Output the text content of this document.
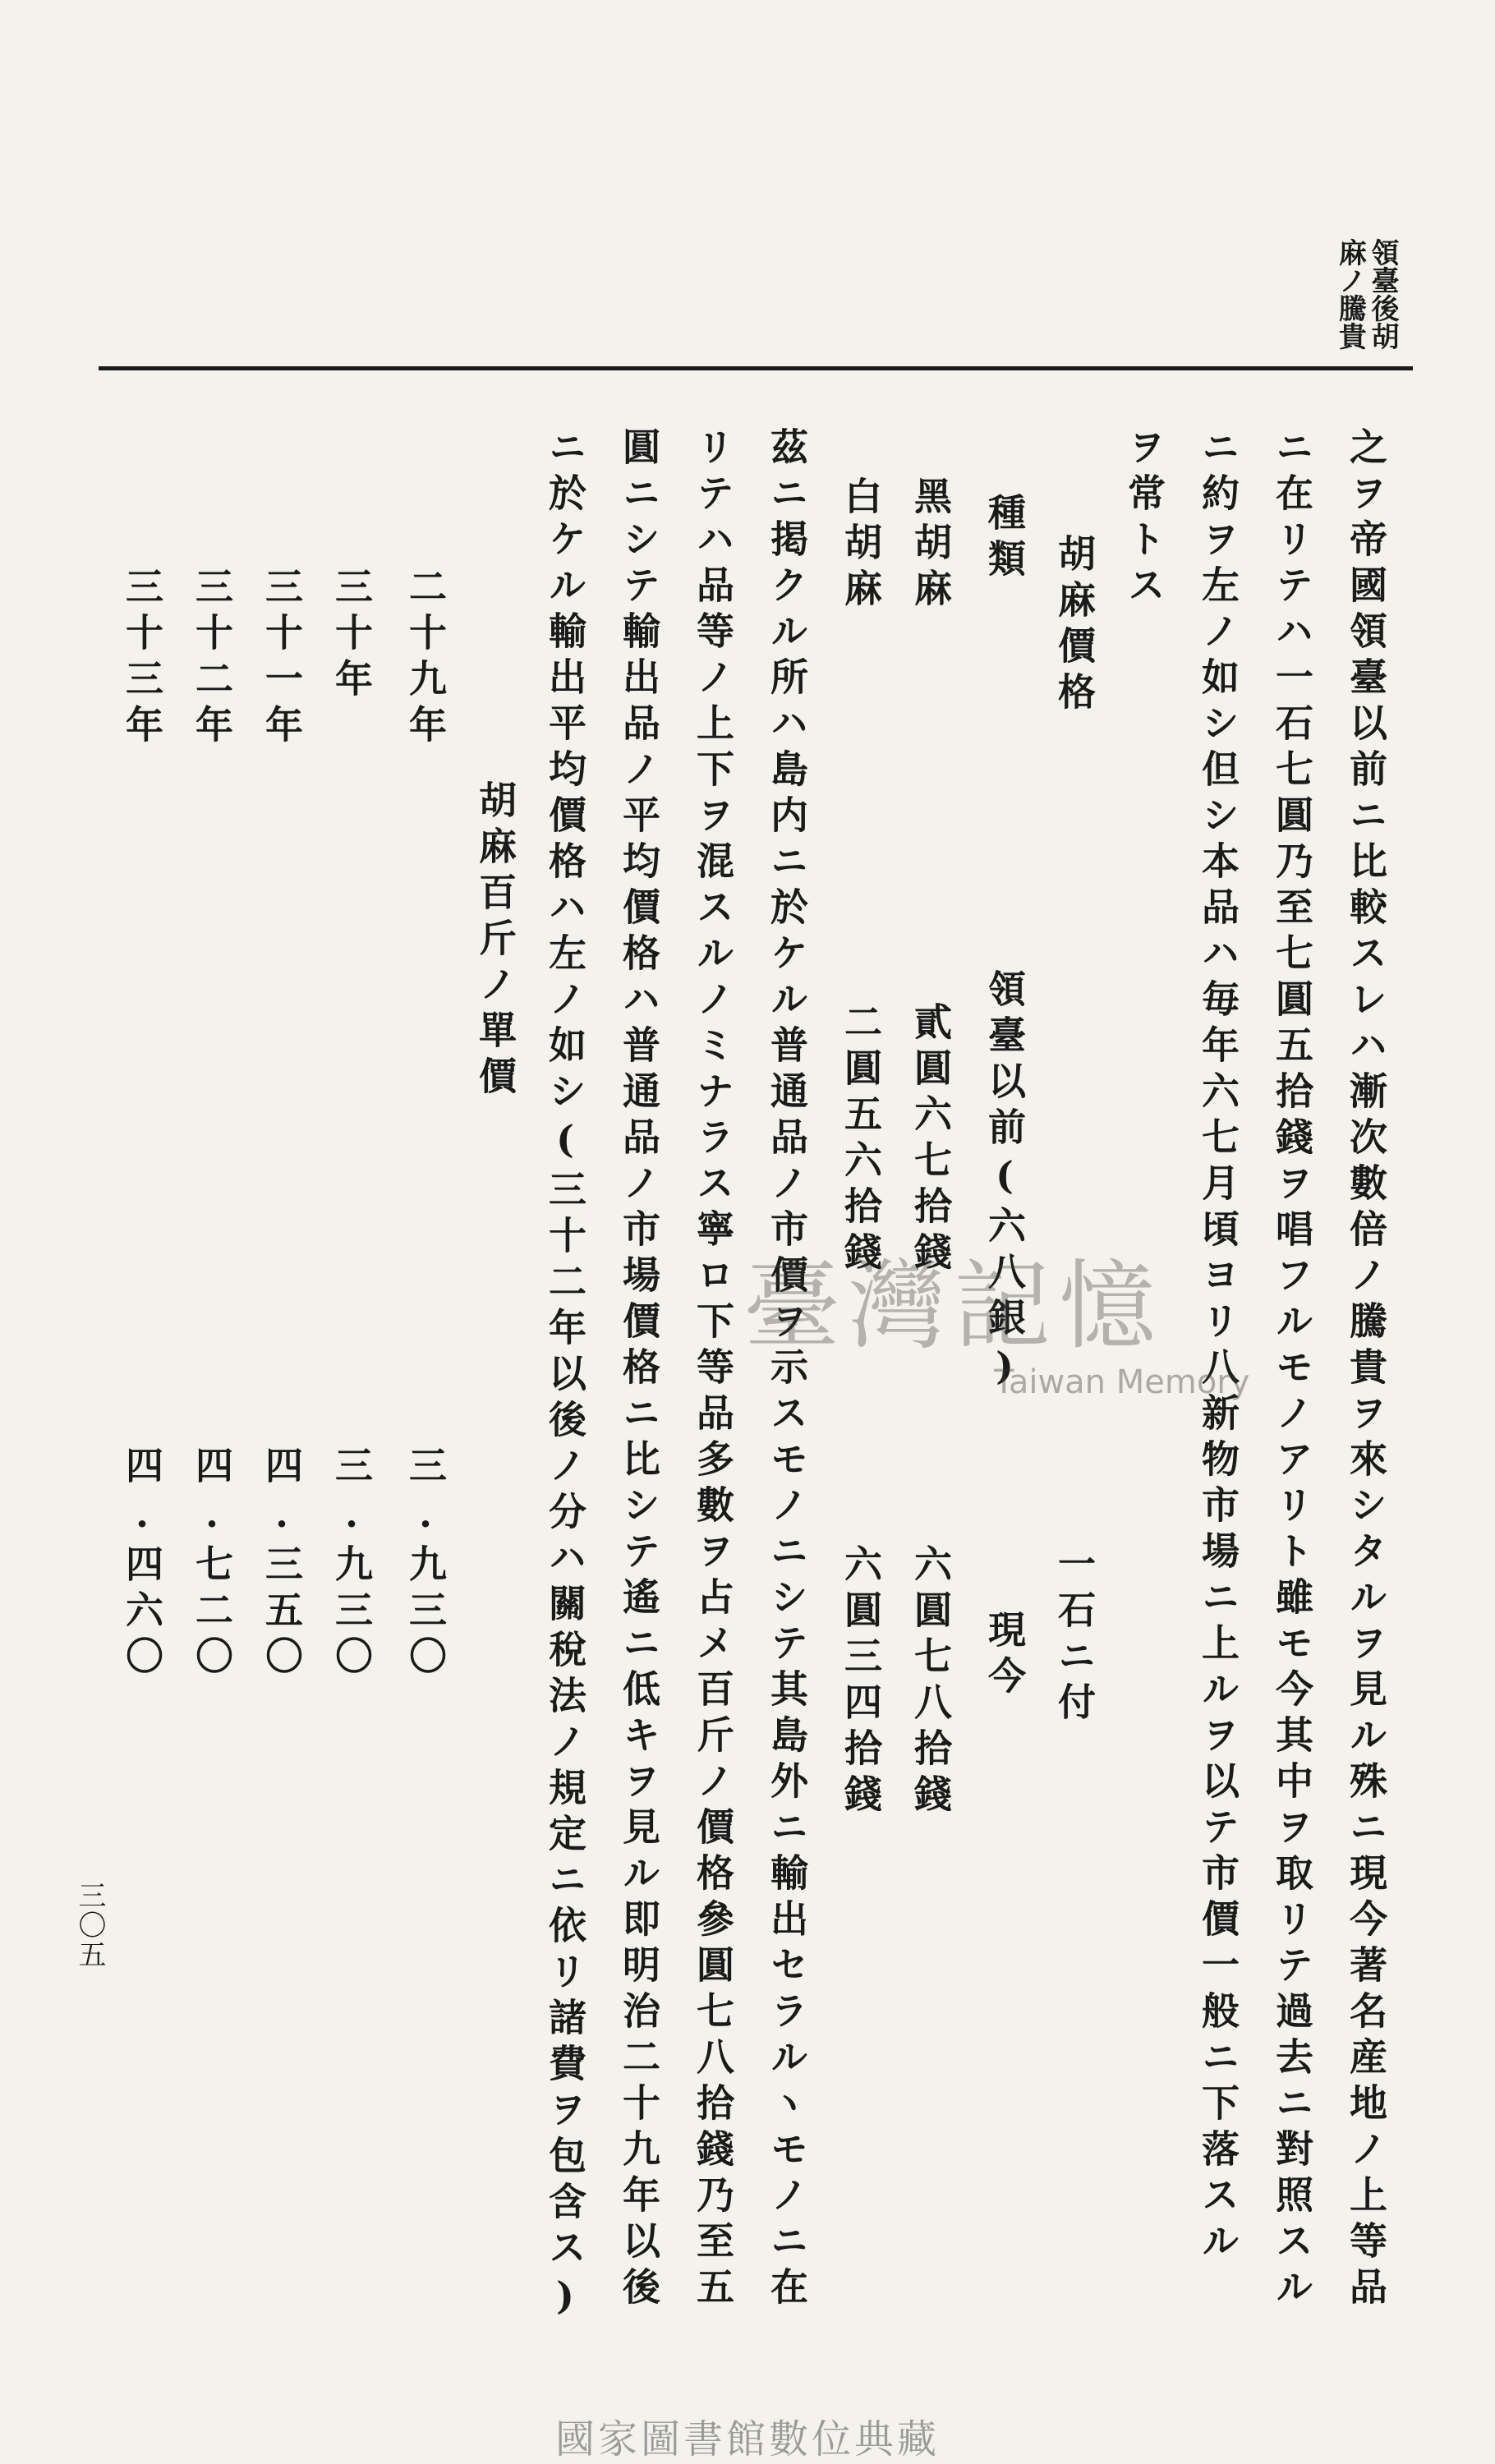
領臺後胡
麻ノ騰貴
之ヲ帝國領臺以前ニ比較スレハ漸次數倍ノ騰貴ヲ來シタルヲ見ル殊ニ現今著名産地ノ上等品
ニ在リテハ一石七圓乃至七圓五拾錢ヲ唱フルモノアリト雖モ今其中ヲ取リテ過去ニ對照スル
ニ約ヲ左ノ如シ但シ本品ハ毎年六七月頃ヨリ八新物市場ニ上ルヲ以テ市價一般ニ下落スル
ヲ常トス
胡麻價格
一石ニ付
種類
領臺以前(六八銀)
現今
黑胡麻
貳圓六七拾錢
六圓七八拾錢
白胡麻
二圓五六拾錢
六圓三四拾錢
茲ニ掲クル所ハ島内ニ於ケル普通品ノ市價ヲ示スモノニシテ其島外ニ輸出セラルヽモノニ在
リテハ品等ノ上下ヲ混スルノミナラス寧ロ下等品多數ヲ占メ百斤ノ價格參圓七八拾錢乃至五
圓ニシテ輸出品ノ平均價格ハ普通品ノ市場價格ニ比シテ遙ニ低キヲ見ル即明治二十九年以後
ニ於ケル輸出平均價格ハ左ノ如シ(三十二年以後ノ分ハ關稅法ノ規定ニ依リ諸費ヲ包含ス)
胡麻百斤ノ單價
二十九年
三.九三〇
三十年
三.九三〇
三十一年
四.三五〇
三十二年
四.七二〇
三十三年
四.四六〇
三〇五
臺灣記憶
Taiwan Memory
國家圖書館數位典藏
